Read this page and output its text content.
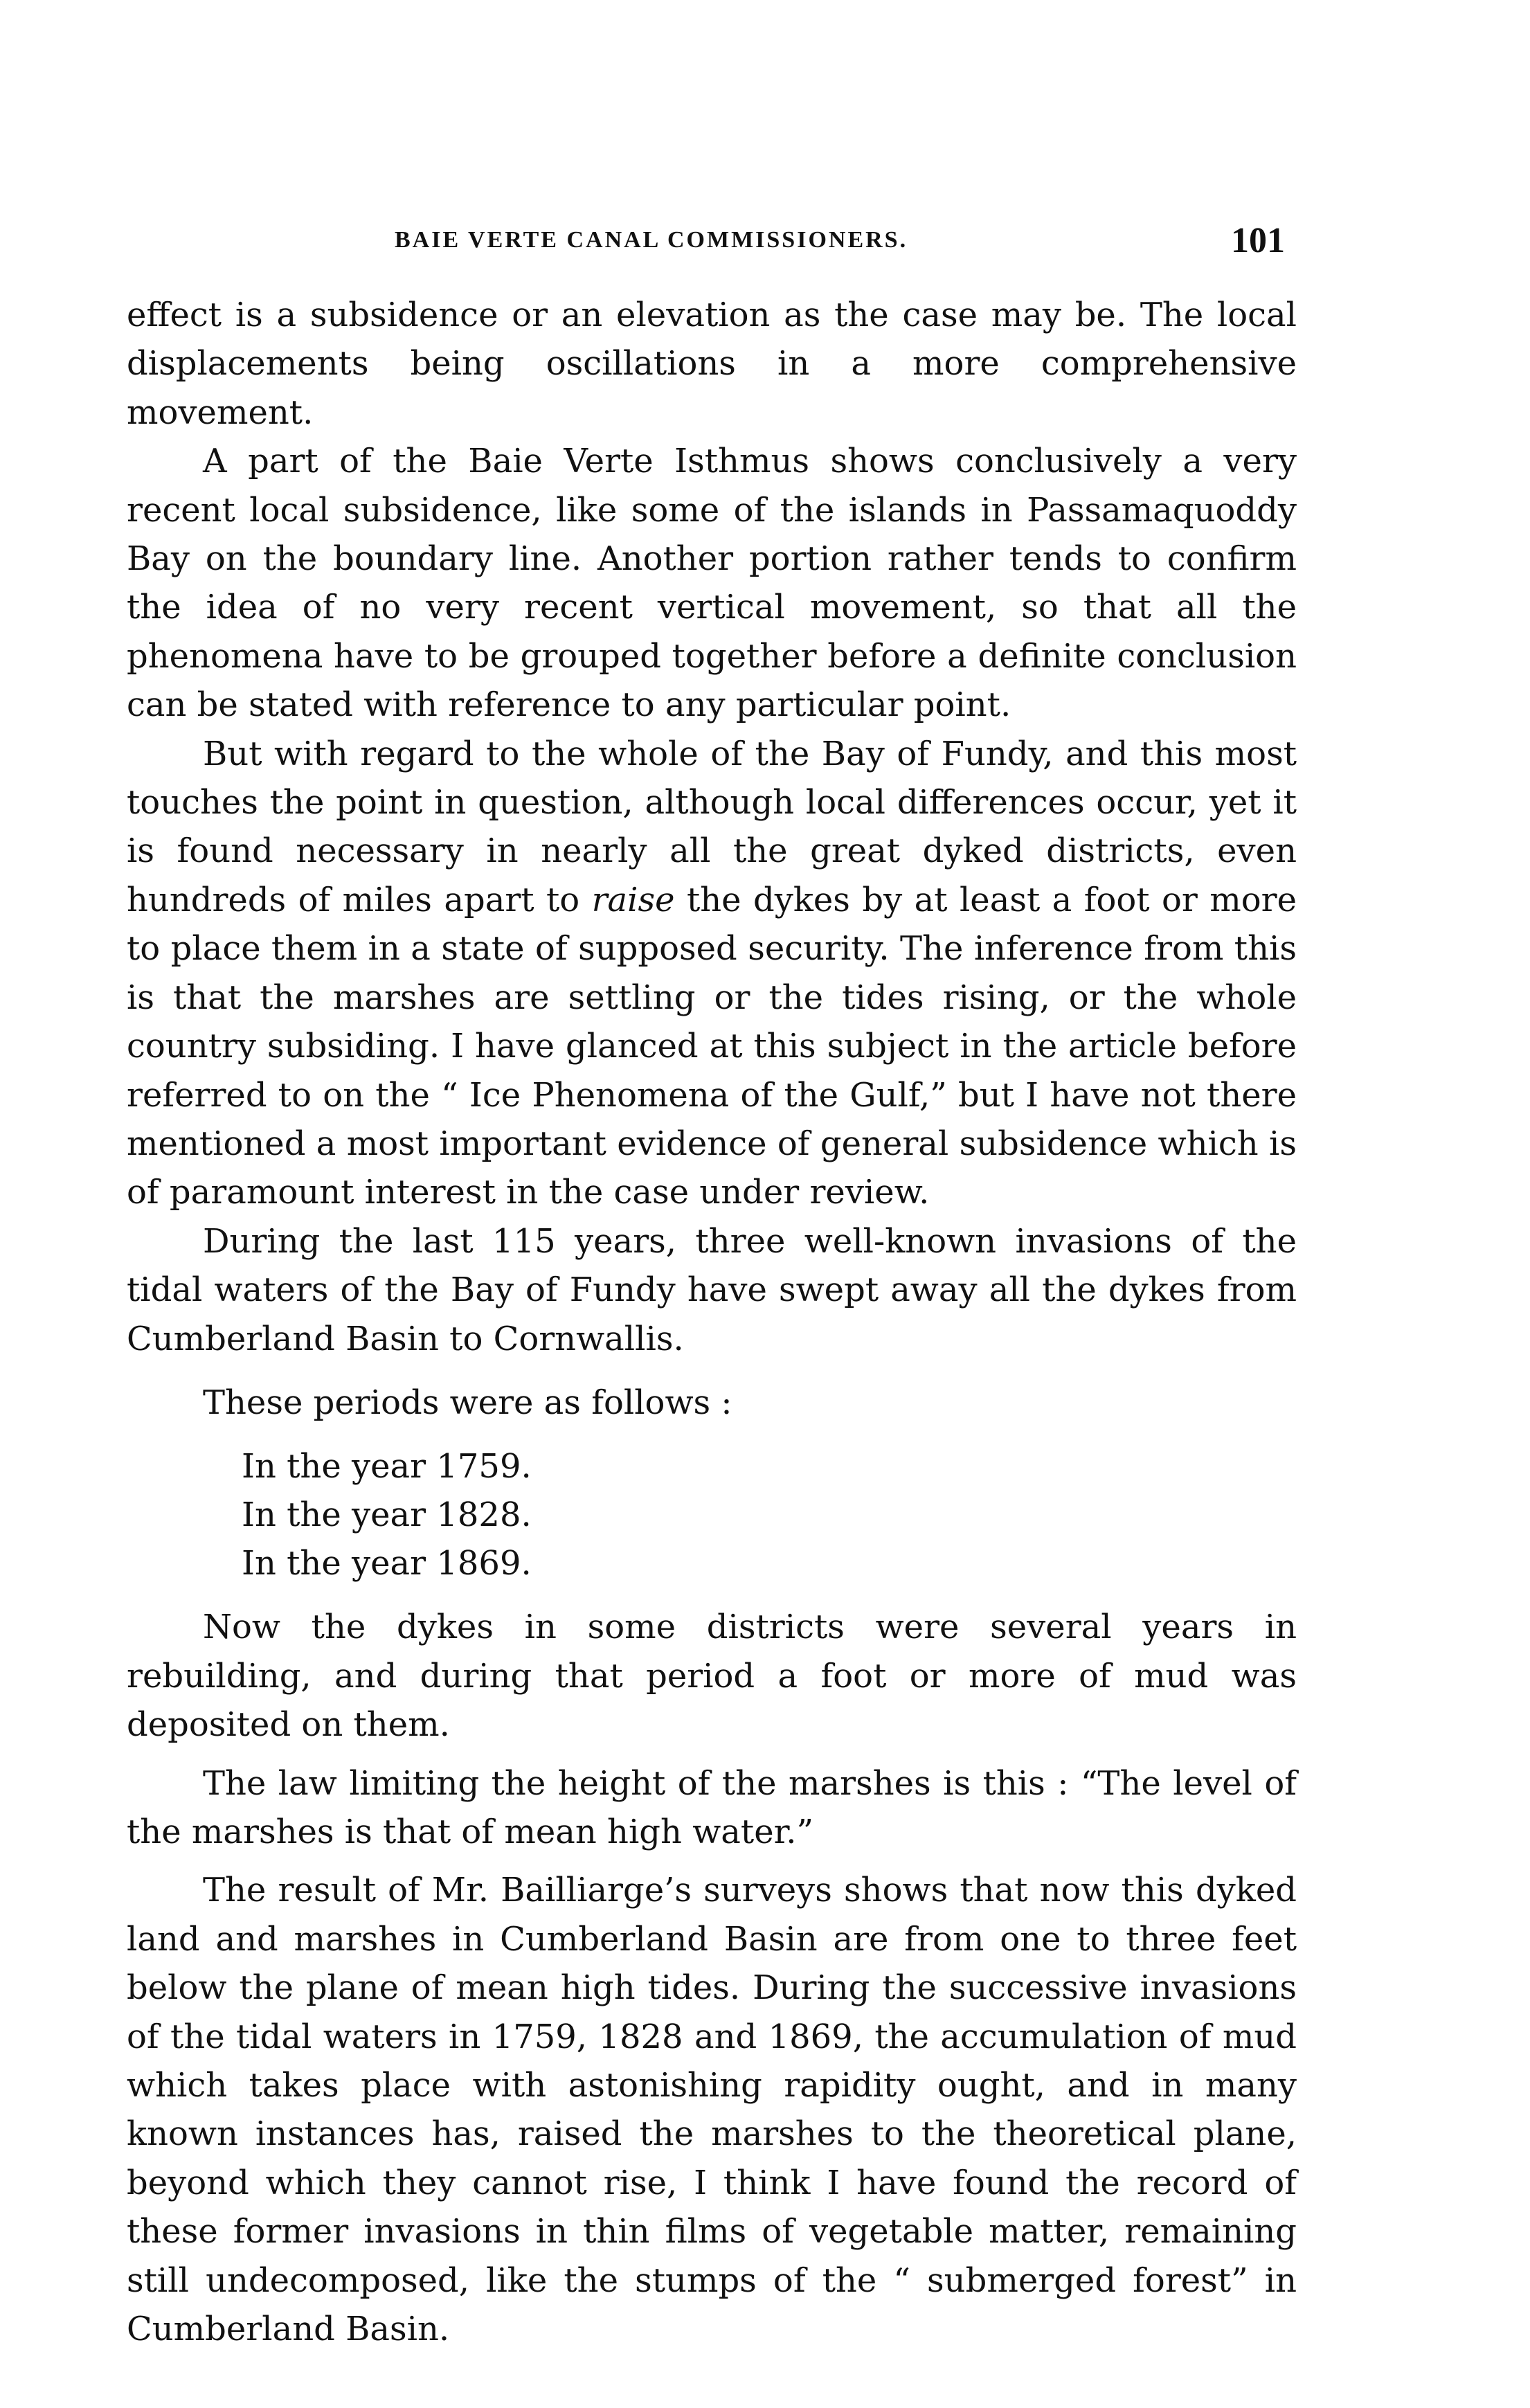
BAIE VERTE CANAL COMMISSIONERS.	101

effect is a subsidence or an elevation as the case may be. The local displacements being oscillations in a more comprehensive movement.

A part of the Baie Verte Isthmus shows conclusively a very recent local subsidence, like some of the islands in Passamaquoddy Bay on the boundary line. Another portion rather tends to confirm the idea of no very recent vertical movement, so that all the phenomena have to be grouped together before a definite conclusion can be stated with reference to any particular point.

But with regard to the whole of the Bay of Fundy, and this most touches the point in question, although local differences occur, yet it is found necessary in nearly all the great dyked districts, even hundreds of miles apart to raise the dykes by at least a foot or more to place them in a state of supposed security. The inference from this is that the marshes are settling or the tides rising, or the whole country subsiding. I have glanced at this subject in the article before referred to on the “ Ice Phenomena of the Gulf,” but I have not there mentioned a most important evidence of general subsidence which is of paramount interest in the case under review.

During the last 115 years, three well-known invasions of the tidal waters of the Bay of Fundy have swept away all the dykes from Cumberland Basin to Cornwallis.

These periods were as follows :

In the year 1759.
In the year 1828.
In the year 1869.

Now the dykes in some districts were several years in rebuilding, and during that period a foot or more of mud was deposited on them.

The law limiting the height of the marshes is this : “The level of the marshes is that of mean high water.”

The result of Mr. Bailliarge’s surveys shows that now this dyked land and marshes in Cumberland Basin are from one to three feet below the plane of mean high tides. During the successive invasions of the tidal waters in 1759, 1828 and 1869, the accumulation of mud which takes place with astonishing rapidity ought, and in many known instances has, raised the marshes to the theoretical plane, beyond which they cannot rise, I think I have found the record of these former invasions in thin films of vegetable matter, remaining still undecomposed, like the stumps of the “ submerged forest” in Cumberland Basin.
